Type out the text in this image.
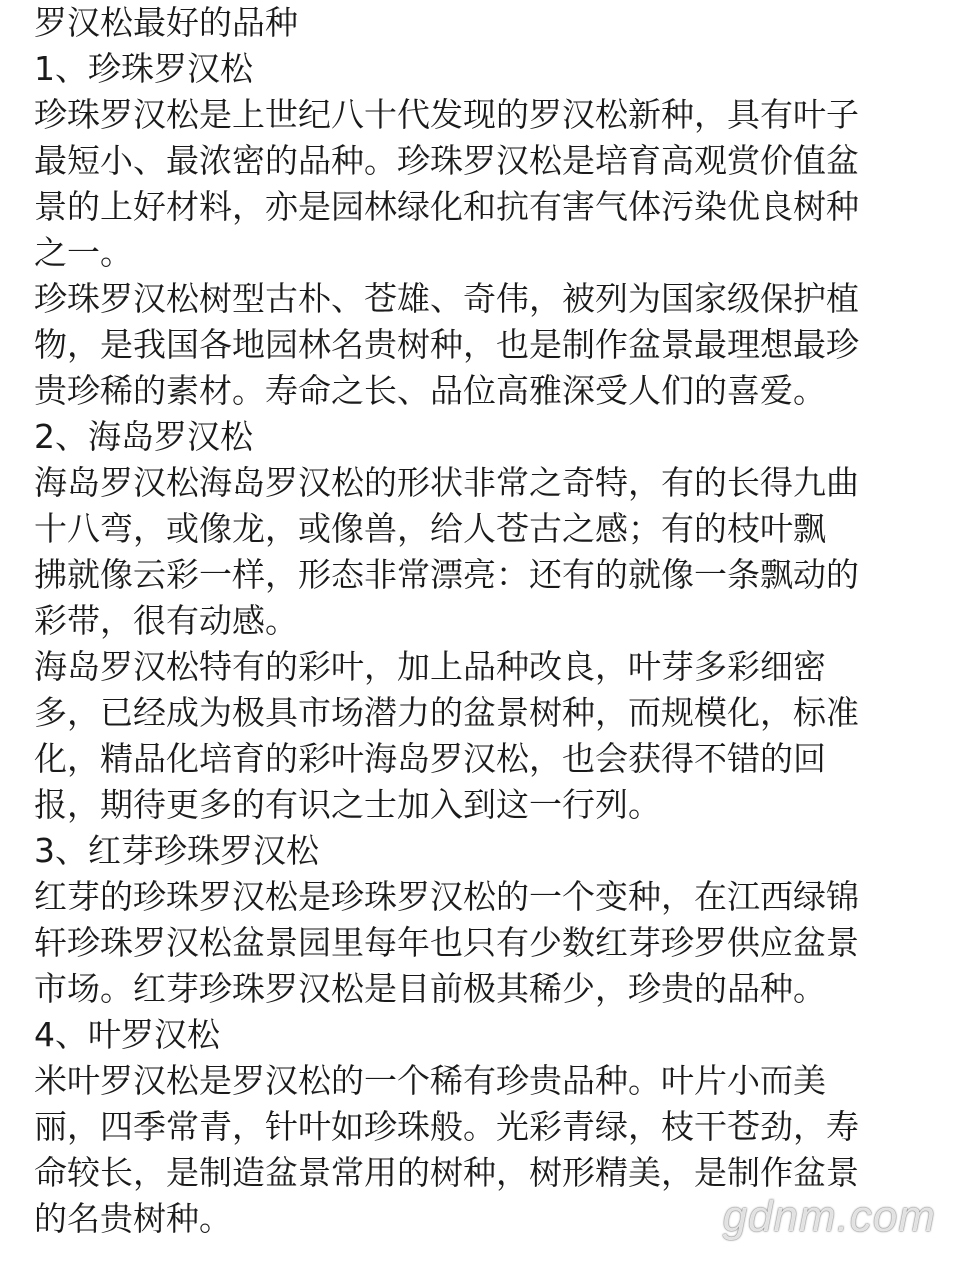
罗汉松最好的品种
1、珍珠罗汉松
珍珠罗汉松是上世纪八十代发现的罗汉松新种，具有叶子
最短小、最浓密的品种。珍珠罗汉松是培育高观赏价值盆
景的上好材料，亦是园林绿化和抗有害气体污染优良树种
之一。
珍珠罗汉松树型古朴、苍雄、奇伟，被列为国家级保护植
物，是我国各地园林名贵树种，也是制作盆景最理想最珍
贵珍稀的素材。寿命之长、品位高雅深受人们的喜爱。
2、海岛罗汉松
海岛罗汉松海岛罗汉松的形状非常之奇特，有的长得九曲
十八弯，或像龙，或像兽，给人苍古之感；有的枝叶飘
拂就像云彩一样，形态非常漂亮：还有的就像一条飘动的
彩带，很有动感。
海岛罗汉松特有的彩叶，加上品种改良，叶芽多彩细密
多，已经成为极具市场潜力的盆景树种，而规模化，标准
化，精品化培育的彩叶海岛罗汉松，也会获得不错的回
报，期待更多的有识之士加入到这一行列。
3、红芽珍珠罗汉松
红芽的珍珠罗汉松是珍珠罗汉松的一个变种，在江西绿锦
轩珍珠罗汉松盆景园里每年也只有少数红芽珍罗供应盆景
市场。红芽珍珠罗汉松是目前极其稀少，珍贵的品种。
4、叶罗汉松
米叶罗汉松是罗汉松的一个稀有珍贵品种。叶片小而美
丽，四季常青，针叶如珍珠般。光彩青绿，枝干苍劲，寿
命较长，是制造盆景常用的树种，树形精美，是制作盆景
的名贵树种。	gdnm.com
